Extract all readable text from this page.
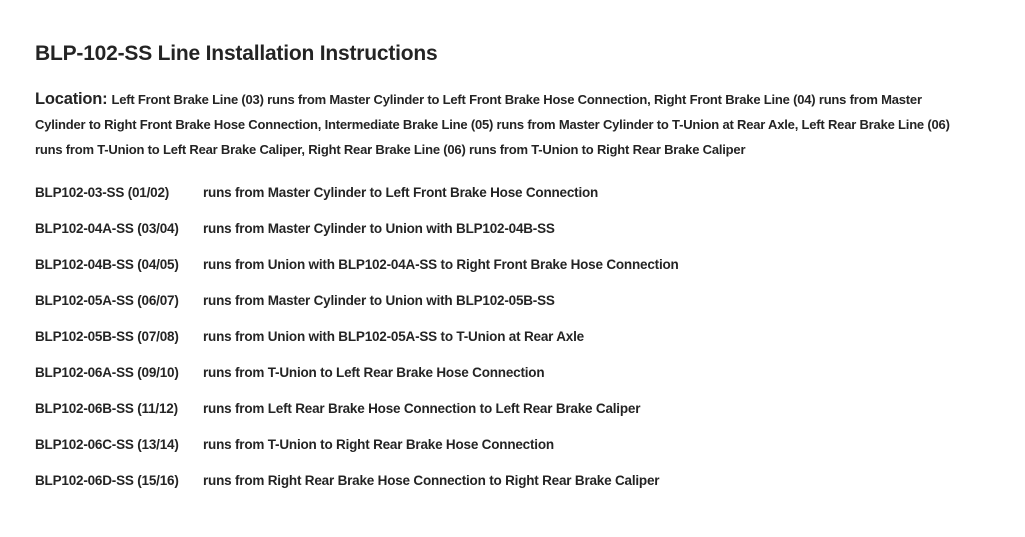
BLP-102-SS Line Installation Instructions

Location: Left Front Brake Line (03) runs from Master Cylinder to Left Front Brake Hose Connection, Right Front Brake Line (04) runs from Master Cylinder to Right Front Brake Hose Connection, Intermediate Brake Line (05) runs from Master Cylinder to T-Union at Rear Axle, Left Rear Brake Line (06) runs from T-Union to Left Rear Brake Caliper, Right Rear Brake Line (06) runs from T-Union to Right Rear Brake Caliper

BLP102-03-SS (01/02)	runs from Master Cylinder to Left Front Brake Hose Connection
BLP102-04A-SS (03/04)	runs from Master Cylinder to Union with BLP102-04B-SS
BLP102-04B-SS (04/05)	runs from Union with BLP102-04A-SS to Right Front Brake Hose Connection
BLP102-05A-SS (06/07)	runs from Master Cylinder to Union with BLP102-05B-SS
BLP102-05B-SS (07/08)	runs from Union with BLP102-05A-SS to T-Union at Rear Axle
BLP102-06A-SS (09/10)	runs from T-Union to Left Rear Brake Hose Connection
BLP102-06B-SS (11/12)	runs from Left Rear Brake Hose Connection to Left Rear Brake Caliper
BLP102-06C-SS (13/14)	runs from T-Union to Right Rear Brake Hose Connection
BLP102-06D-SS (15/16)	runs from Right Rear Brake Hose Connection to Right Rear Brake Caliper
